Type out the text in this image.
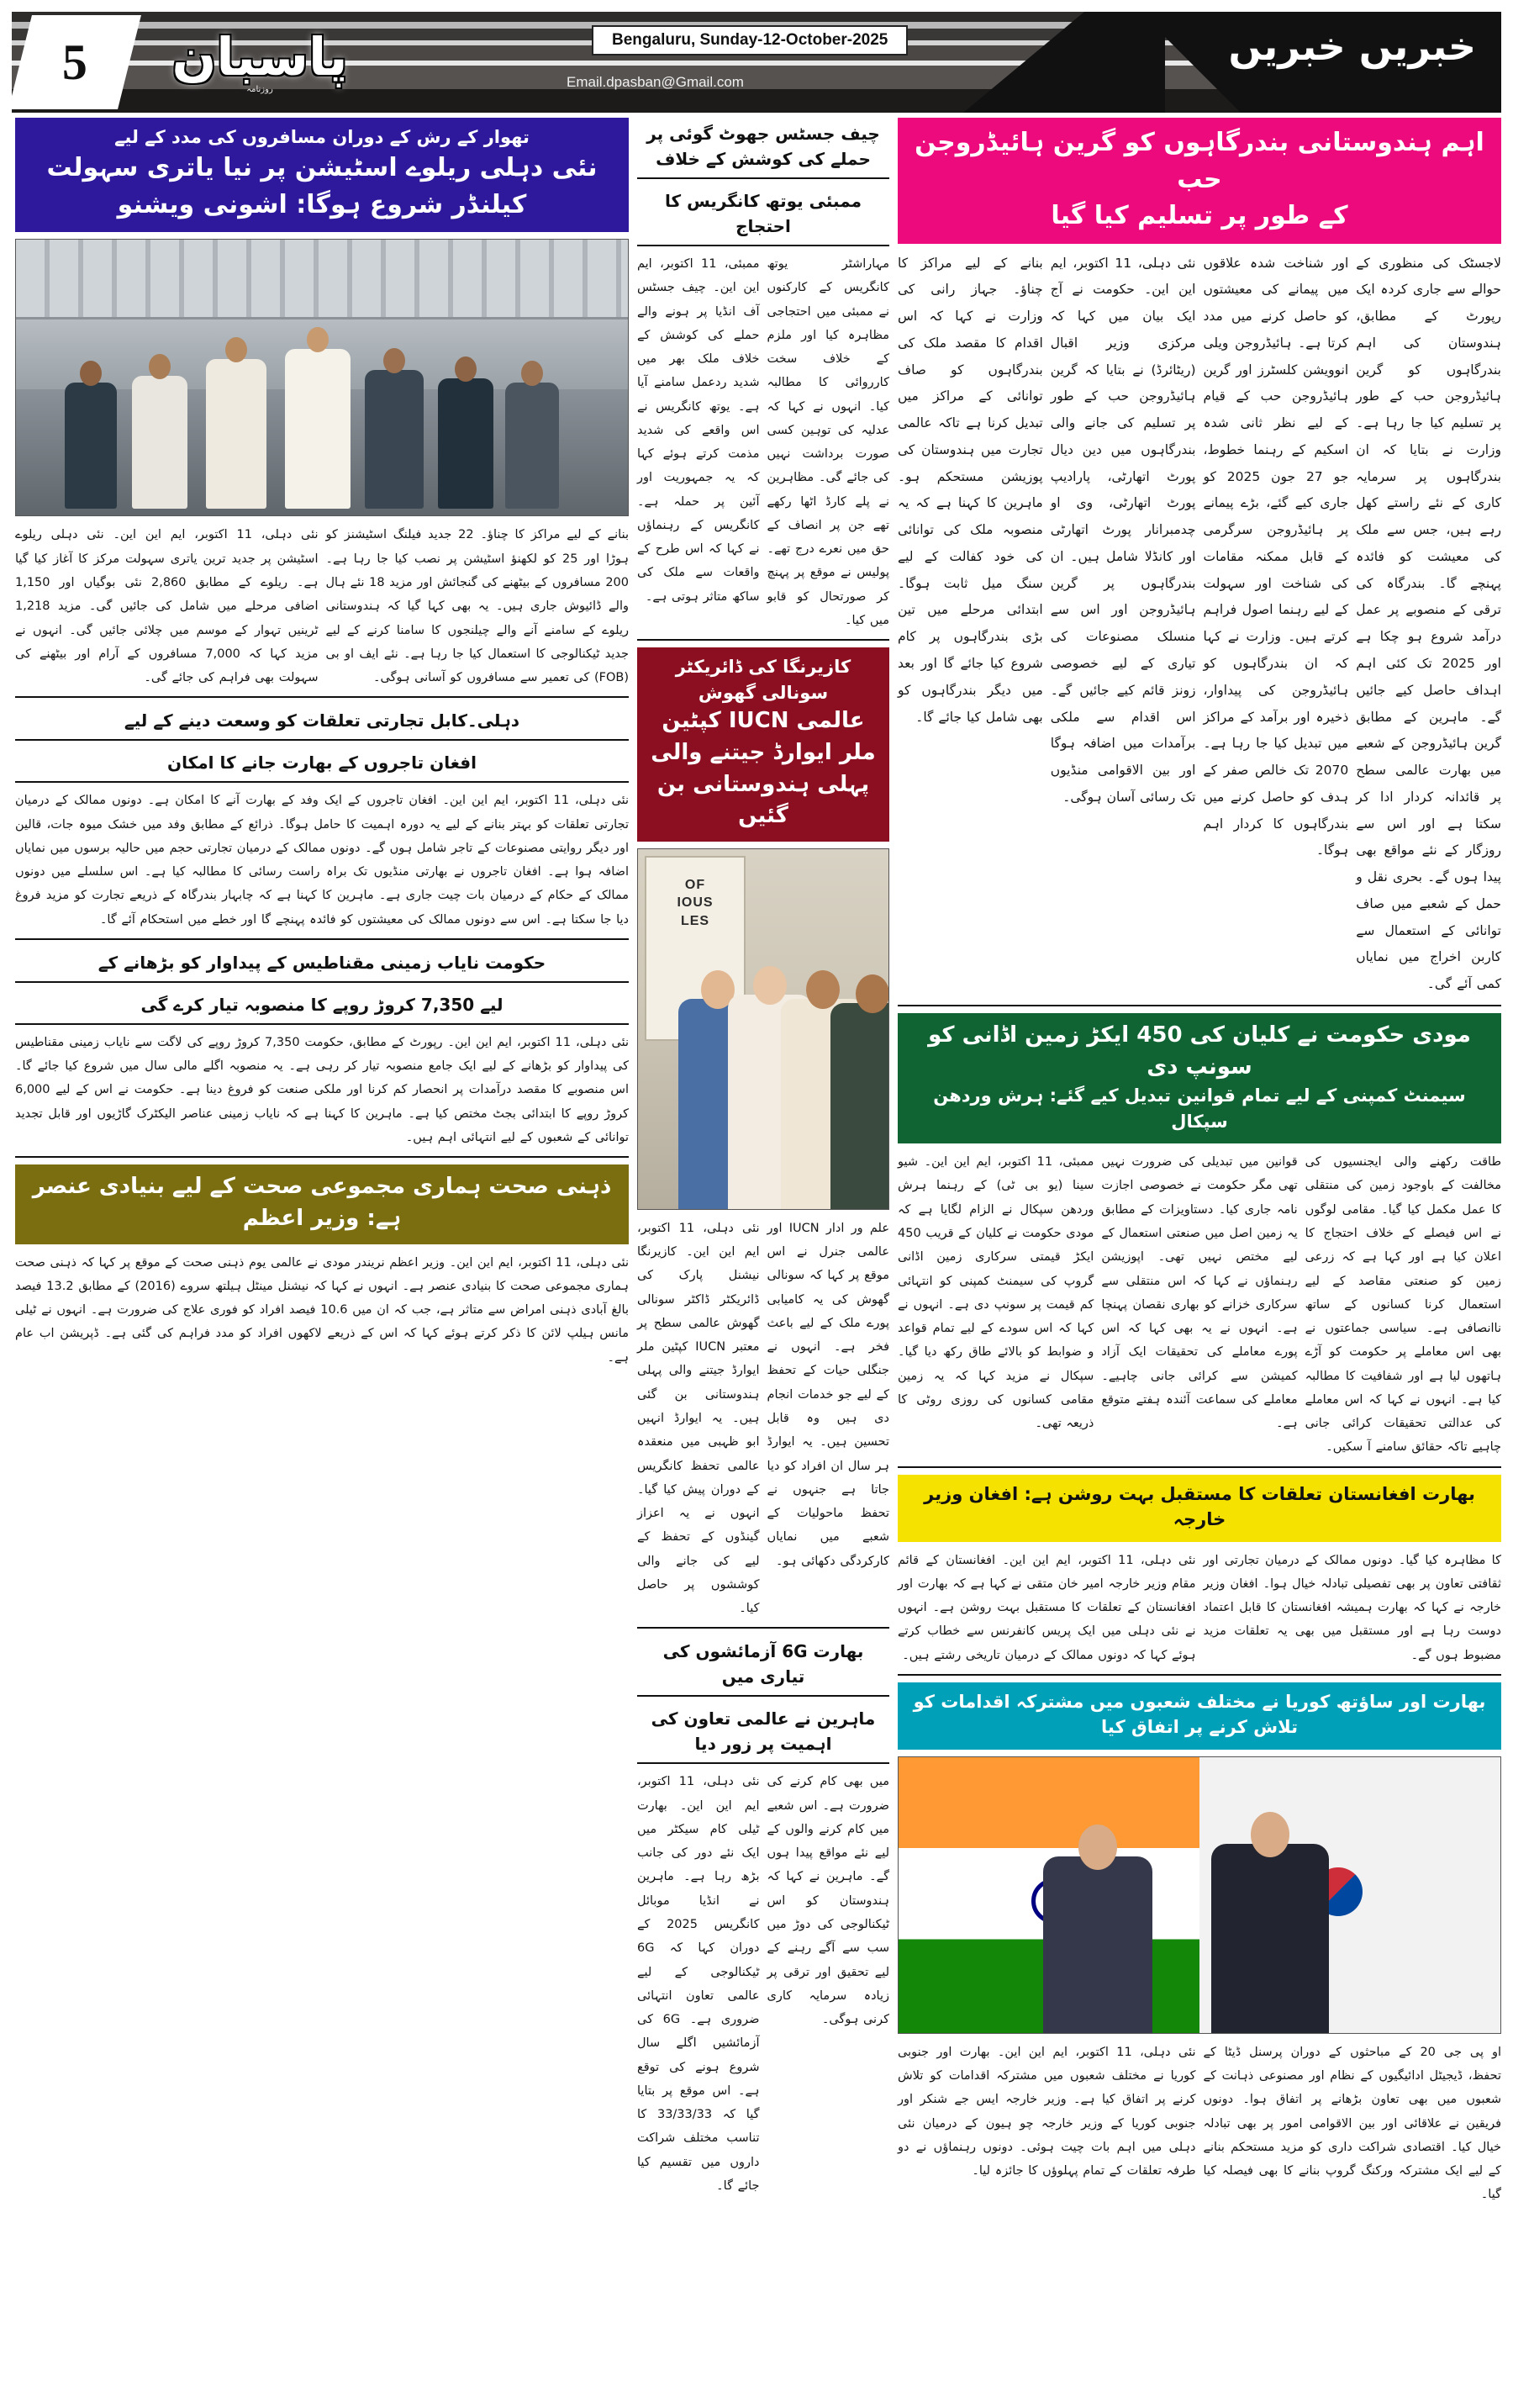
خبریں خبریں
5 پاسبان
روزنامہ
Bengaluru, Sunday-12-October-2025
Email.dpasban@Gmail.com
اہم ہندوستانی بندرگاہوں کو گرین ہائیڈروجن حب
کے طور پر تسلیم کیا گیا

لاجسٹک کی منظوری کے حوالے سے جاری کردہ ایک رپورٹ کے مطابق، ہندوستان کی اہم بندرگاہوں کو گرین ہائیڈروجن حب کے طور پر تسلیم کیا جا رہا ہے۔ وزارت نے بتایا کہ ان بندرگاہوں پر سرمایہ کاری کے نئے راستے کھل رہے ہیں، جس سے ملک کی معیشت کو فائدہ پہنچے گا۔ بندرگاہ کی ترقی کے منصوبے پر عمل درآمد شروع ہو چکا ہے اور 2025 تک کئی اہم اہداف حاصل کیے جائیں گے۔ ماہرین کے مطابق گرین ہائیڈروجن کے شعبے میں بھارت عالمی سطح پر قائدانہ کردار ادا کر سکتا ہے اور اس سے روزگار کے نئے مواقع بھی پیدا ہوں گے۔ بحری نقل و حمل کے شعبے میں صاف توانائی کے استعمال سے کاربن اخراج میں نمایاں کمی آئے گی۔

اور شناخت شدہ علاقوں میں پیمانے کی معیشتوں کو حاصل کرنے میں مدد کرتا ہے۔ ہائیڈروجن ویلی انوویشن کلسٹرز اور گرین ہائیڈروجن حب کے قیام کے لیے نظر ثانی شدہ اسکیم کے رہنما خطوط، جو 27 جون 2025 کو جاری کیے گئے، بڑے پیمانے پر ہائیڈروجن سرگرمی کے قابل ممکنہ مقامات کی شناخت اور سہولت کے لیے رہنما اصول فراہم کرتے ہیں۔ وزارت نے کہا کہ ان بندرگاہوں کو ہائیڈروجن کی پیداوار، ذخیرہ اور برآمد کے مراکز میں تبدیل کیا جا رہا ہے۔ 2070 تک خالص صفر کے ہدف کو حاصل کرنے میں بندرگاہوں کا کردار اہم ہوگا۔

نئی دہلی، 11 اکتوبر، ایم این این۔ حکومت نے آج ایک بیان میں کہا کہ مرکزی وزیر اقبال (ریٹائرڈ) نے بتایا کہ گرین ہائیڈروجن حب کے طور پر تسلیم کی جانے والی بندرگاہوں میں دین دیال پورٹ اتھارٹی، پارادیپ پورٹ اتھارٹی، وی او چدمبرانار پورٹ اتھارٹی اور کانڈلا شامل ہیں۔ ان بندرگاہوں پر گرین ہائیڈروجن اور اس سے منسلک مصنوعات کی تیاری کے لیے خصوصی زونز قائم کیے جائیں گے۔ اس اقدام سے ملکی برآمدات میں اضافہ ہوگا اور بین الاقوامی منڈیوں تک رسائی آسان ہوگی۔

بنانے کے لیے مراکز کا چناؤ۔ جہاز رانی کی وزارت نے کہا کہ اس اقدام کا مقصد ملک کی بندرگاہوں کو صاف توانائی کے مراکز میں تبدیل کرنا ہے تاکہ عالمی تجارت میں ہندوستان کی پوزیشن مستحکم ہو۔ ماہرین کا کہنا ہے کہ یہ منصوبہ ملک کی توانائی کی خود کفالت کے لیے سنگ میل ثابت ہوگا۔ ابتدائی مرحلے میں تین بڑی بندرگاہوں پر کام شروع کیا جائے گا اور بعد میں دیگر بندرگاہوں کو بھی شامل کیا جائے گا۔

مودی حکومت نے کلیان کی 450 ایکڑ زمین اڈانی کو سونپ دی
سیمنٹ کمپنی کے لیے تمام قوانین تبدیل کیے گئے: ہرش وردھن سپکال

طاقت رکھنے والی ایجنسیوں کی مخالفت کے باوجود زمین کی منتقلی کا عمل مکمل کیا گیا۔ مقامی لوگوں نے اس فیصلے کے خلاف احتجاج کا اعلان کیا ہے اور کہا ہے کہ زرعی زمین کو صنعتی مقاصد کے لیے استعمال کرنا کسانوں کے ساتھ ناانصافی ہے۔ سیاسی جماعتوں نے بھی اس معاملے پر حکومت کو آڑے ہاتھوں لیا ہے اور شفافیت کا مطالبہ کیا ہے۔ انہوں نے کہا کہ اس معاملے کی عدالتی تحقیقات کرائی جانی چاہیے تاکہ حقائق سامنے آ سکیں۔

قوانین میں تبدیلی کی ضرورت نہیں تھی مگر حکومت نے خصوصی اجازت نامہ جاری کیا۔ دستاویزات کے مطابق یہ زمین اصل میں صنعتی استعمال کے لیے مختص نہیں تھی۔ اپوزیشن رہنماؤں نے کہا کہ اس منتقلی سے سرکاری خزانے کو بھاری نقصان پہنچا ہے۔ انہوں نے یہ بھی کہا کہ اس پورے معاملے کی تحقیقات ایک آزاد کمیشن سے کرائی جانی چاہیے۔ معاملے کی سماعت آئندہ ہفتے متوقع ہے۔

ممبئی، 11 اکتوبر، ایم این این۔ شیو سینا (یو بی ٹی) کے رہنما ہرش وردھن سپکال نے الزام لگایا ہے کہ مودی حکومت نے کلیان کے قریب 450 ایکڑ قیمتی سرکاری زمین اڈانی گروپ کی سیمنٹ کمپنی کو انتہائی کم قیمت پر سونپ دی ہے۔ انہوں نے کہا کہ اس سودے کے لیے تمام قواعد و ضوابط کو بالائے طاق رکھ دیا گیا۔ سپکال نے مزید کہا کہ یہ زمین مقامی کسانوں کی روزی روٹی کا ذریعہ تھی۔

بھارت افغانستان تعلقات کا مستقبل بہت روشن ہے: افغان وزیر خارجہ

کا مظاہرہ کیا گیا۔ دونوں ممالک کے درمیان تجارتی اور ثقافتی تعاون پر بھی تفصیلی تبادلہ خیال ہوا۔ افغان وزیر خارجہ نے کہا کہ بھارت ہمیشہ افغانستان کا قابل اعتماد دوست رہا ہے اور مستقبل میں بھی یہ تعلقات مزید مضبوط ہوں گے۔

نئی دہلی، 11 اکتوبر، ایم این این۔ افغانستان کے قائم مقام وزیر خارجہ امیر خان متقی نے کہا ہے کہ بھارت اور افغانستان کے تعلقات کا مستقبل بہت روشن ہے۔ انہوں نے نئی دہلی میں ایک پریس کانفرنس سے خطاب کرتے ہوئے کہا کہ دونوں ممالک کے درمیان تاریخی رشتے ہیں۔

بھارت اور ساؤتھ کوریا نے مختلف شعبوں میں مشترکہ اقدامات کو تلاش کرنے پر اتفاق کیا

او پی جی 20 کے مباحثوں کے دوران پرسنل ڈیٹا کے تحفظ، ڈیجیٹل ادائیگیوں کے نظام اور مصنوعی ذہانت کے شعبوں میں بھی تعاون بڑھانے پر اتفاق ہوا۔ دونوں فریقین نے علاقائی اور بین الاقوامی امور پر بھی تبادلہ خیال کیا۔ اقتصادی شراکت داری کو مزید مستحکم بنانے کے لیے ایک مشترکہ ورکنگ گروپ بنانے کا بھی فیصلہ کیا گیا۔

نئی دہلی، 11 اکتوبر، ایم این این۔ بھارت اور جنوبی کوریا نے مختلف شعبوں میں مشترکہ اقدامات کو تلاش کرنے پر اتفاق کیا ہے۔ وزیر خارجہ ایس جے شنکر اور جنوبی کوریا کے وزیر خارجہ چو ہیون کے درمیان نئی دہلی میں اہم بات چیت ہوئی۔ دونوں رہنماؤں نے دو طرفہ تعلقات کے تمام پہلوؤں کا جائزہ لیا۔

چیف جسٹس جھوٹ گوئی پر حملے کی کوشش کے خلاف
ممبئی یوتھ کانگریس کا احتجاج

مہاراشٹر یوتھ کانگریس کے کارکنوں نے ممبئی میں احتجاجی مظاہرہ کیا اور ملزم کے خلاف سخت کارروائی کا مطالبہ کیا۔ انہوں نے کہا کہ عدلیہ کی توہین کسی صورت برداشت نہیں کی جائے گی۔ مظاہرین نے پلے کارڈ اٹھا رکھے تھے جن پر انصاف کے حق میں نعرے درج تھے۔ پولیس نے موقع پر پہنچ کر صورتحال کو قابو میں کیا۔

ممبئی، 11 اکتوبر، ایم این این۔ چیف جسٹس آف انڈیا پر ہونے والے حملے کی کوشش کے خلاف ملک بھر میں شدید ردعمل سامنے آیا ہے۔ یوتھ کانگریس نے اس واقعے کی شدید مذمت کرتے ہوئے کہا کہ یہ جمہوریت اور آئین پر حملہ ہے۔ کانگریس کے رہنماؤں نے کہا کہ اس طرح کے واقعات سے ملک کی ساکھ متاثر ہوتی ہے۔

کازیرنگا کی ڈائریکٹر سونالی گھوش
عالمی IUCN کپٹین ملر ایوارڈ جیتنے والی پہلی ہندوستانی بن گئیں
OF
IOUS
LES

علم ور ادار IUCN اور عالمی جنرل نے اس موقع پر کہا کہ سونالی گھوش کی یہ کامیابی پورے ملک کے لیے باعث فخر ہے۔ انہوں نے جنگلی حیات کے تحفظ کے لیے جو خدمات انجام دی ہیں وہ قابل تحسین ہیں۔ یہ ایوارڈ ہر سال ان افراد کو دیا جاتا ہے جنہوں نے تحفظ ماحولیات کے شعبے میں نمایاں کارکردگی دکھائی ہو۔

نئی دہلی، 11 اکتوبر، ایم این این۔ کازیرنگا نیشنل پارک کی ڈائریکٹر ڈاکٹر سونالی گھوش عالمی سطح پر معتبر IUCN کپٹین ملر ایوارڈ جیتنے والی پہلی ہندوستانی بن گئی ہیں۔ یہ ایوارڈ انہیں ابو ظہبی میں منعقدہ عالمی تحفظ کانگریس کے دوران پیش کیا گیا۔ انہوں نے یہ اعزاز گینڈوں کے تحفظ کے لیے کی جانے والی کوششوں پر حاصل کیا۔

بھارت 6G آزمائشوں کی تیاری میں
ماہرین نے عالمی تعاون کی اہمیت پر زور دیا

میں بھی کام کرنے کی ضرورت ہے۔ اس شعبے میں کام کرنے والوں کے لیے نئے مواقع پیدا ہوں گے۔ ماہرین نے کہا کہ ہندوستان کو اس ٹیکنالوجی کی دوڑ میں سب سے آگے رہنے کے لیے تحقیق اور ترقی پر زیادہ سرمایہ کاری کرنی ہوگی۔

نئی دہلی، 11 اکتوبر، ایم این این۔ بھارت ٹیلی کام سیکٹر میں ایک نئے دور کی جانب بڑھ رہا ہے۔ ماہرین نے انڈیا موبائل کانگریس 2025 کے دوران کہا کہ 6G ٹیکنالوجی کے لیے عالمی تعاون انتہائی ضروری ہے۔ 6G کی آزمائشیں اگلے سال شروع ہونے کی توقع ہے۔ اس موقع پر بتایا گیا کہ 33/33/33 کا تناسب مختلف شراکت داروں میں تقسیم کیا جائے گا۔

تھوار کے رش کے دوران مسافروں کی مدد کے لیے
نئی دہلی ریلوے اسٹیشن پر نیا یاتری سہولت کیلنڈر شروع ہوگا: اشونی ویشنو

بنانے کے لیے مراکز کا چناؤ۔ 22 جدید فیلنگ اسٹیشنز کو ہوڑا اور 25 کو لکھنؤ اسٹیشن پر نصب کیا جا رہا ہے۔ 200 مسافروں کے بیٹھنے کی گنجائش اور مزید 18 نئے ہال والے ڈائیوش جاری ہیں۔ یہ بھی کہا گیا کہ ہندوستانی ریلوے کے سامنے آنے والے چیلنجوں کا سامنا کرنے کے لیے جدید ٹیکنالوجی کا استعمال کیا جا رہا ہے۔ نئے ایف او بی (FOB) کی تعمیر سے مسافروں کو آسانی ہوگی۔

نئی دہلی، 11 اکتوبر، ایم این این۔ نئی دہلی ریلوے اسٹیشن پر جدید ترین یاتری سہولت مرکز کا آغاز کیا گیا ہے۔ ریلوے کے مطابق 2,860 نئی بوگیاں اور 1,150 اضافی مرحلے میں شامل کی جائیں گی۔ مزید 1,218 ٹرینیں تہوار کے موسم میں چلائی جائیں گی۔ انہوں نے مزید کہا کہ 7,000 مسافروں کے آرام اور بیٹھنے کی سہولت بھی فراہم کی جائے گی۔

دہلی۔کابل تجارتی تعلقات کو وسعت دینے کے لیے
افغان تاجروں کے بھارت جانے کا امکان

نئی دہلی، 11 اکتوبر، ایم این این۔ افغان تاجروں کے ایک وفد کے بھارت آنے کا امکان ہے۔ دونوں ممالک کے درمیان تجارتی تعلقات کو بہتر بنانے کے لیے یہ دورہ اہمیت کا حامل ہوگا۔ ذرائع کے مطابق وفد میں خشک میوہ جات، قالین اور دیگر روایتی مصنوعات کے تاجر شامل ہوں گے۔ دونوں ممالک کے درمیان تجارتی حجم میں حالیہ برسوں میں نمایاں اضافہ ہوا ہے۔ افغان تاجروں نے بھارتی منڈیوں تک براہ راست رسائی کا مطالبہ کیا ہے۔ اس سلسلے میں دونوں ممالک کے حکام کے درمیان بات چیت جاری ہے۔ ماہرین کا کہنا ہے کہ چابہار بندرگاہ کے ذریعے تجارت کو مزید فروغ دیا جا سکتا ہے۔ اس سے دونوں ممالک کی معیشتوں کو فائدہ پہنچے گا اور خطے میں استحکام آئے گا۔

حکومت نایاب زمینی مقناطیس کے پیداوار کو بڑھانے کے
لیے 7,350 کروڑ روپے کا منصوبہ تیار کرے گی

نئی دہلی، 11 اکتوبر، ایم این این۔ رپورٹ کے مطابق، حکومت 7,350 کروڑ روپے کی لاگت سے نایاب زمینی مقناطیس کی پیداوار کو بڑھانے کے لیے ایک جامع منصوبہ تیار کر رہی ہے۔ یہ منصوبہ اگلے مالی سال میں شروع کیا جائے گا۔ اس منصوبے کا مقصد درآمدات پر انحصار کم کرنا اور ملکی صنعت کو فروغ دینا ہے۔ حکومت نے اس کے لیے 6,000 کروڑ روپے کا ابتدائی بجٹ مختص کیا ہے۔ ماہرین کا کہنا ہے کہ نایاب زمینی عناصر الیکٹرک گاڑیوں اور قابل تجدید توانائی کے شعبوں کے لیے انتہائی اہم ہیں۔

ذہنی صحت ہماری مجموعی صحت کے لیے بنیادی عنصر ہے: وزیر اعظم

نئی دہلی، 11 اکتوبر، ایم این این۔ وزیر اعظم نریندر مودی نے عالمی یوم ذہنی صحت کے موقع پر کہا کہ ذہنی صحت ہماری مجموعی صحت کا بنیادی عنصر ہے۔ انہوں نے کہا کہ نیشنل مینٹل ہیلتھ سروے (2016) کے مطابق 13.2 فیصد بالغ آبادی ذہنی امراض سے متاثر ہے، جب کہ ان میں 10.6 فیصد افراد کو فوری علاج کی ضرورت ہے۔ انہوں نے ٹیلی مانس ہیلپ لائن کا ذکر کرتے ہوئے کہا کہ اس کے ذریعے لاکھوں افراد کو مدد فراہم کی گئی ہے۔ ڈپریشن اب عام ہے۔
